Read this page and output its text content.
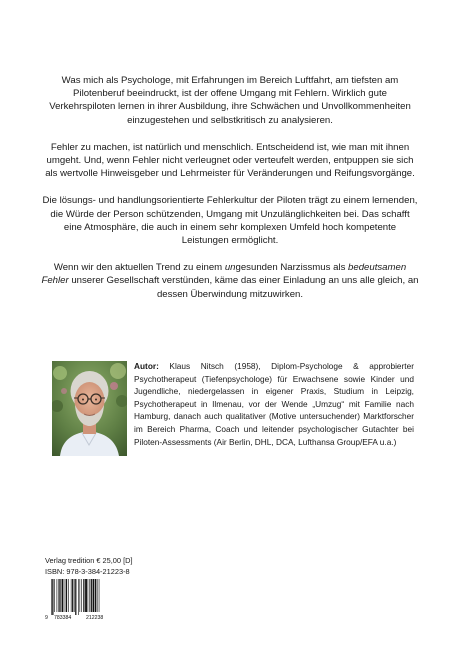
Was mich als Psychologe, mit Erfahrungen im Bereich Luftfahrt, am tiefsten am Pilotenberuf beeindruckt, ist der offene Umgang mit Fehlern. Wirklich gute Verkehrspiloten lernen in ihrer Ausbildung, ihre Schwächen und Unvollkommenheiten einzugestehen und selbstkritisch zu analysieren.

Fehler zu machen, ist natürlich und menschlich. Entscheidend ist, wie man mit ihnen umgeht. Und, wenn Fehler nicht verleugnet oder verteufelt werden, entpuppen sie sich als wertvolle Hinweisgeber und Lehrmeister für Veränderungen und Reifungsvorgänge.

Die lösungs- und handlungsorientierte Fehlerkultur der Piloten trägt zu einem lernenden, die Würde der Person schützenden, Umgang mit Unzulänglichkeiten bei. Das schafft eine Atmosphäre, die auch in einem sehr komplexen Umfeld hoch kompetente Leistungen ermöglicht.

Wenn wir den aktuellen Trend zu einem ungesunden Narzissmus als bedeutsamen Fehler unserer Gesellschaft verstünden, käme das einer Einladung an uns alle gleich, an dessen Überwindung mitzuwirken.

Autor: Klaus Nitsch (1958), Diplom-Psychologe & approbierter Psychotherapeut (Tiefenpsychologe) für Erwachsene sowie Kinder und Jugendliche, niedergelassen in eigener Praxis, Studium in Leipzig, Psychotherapeut in Ilmenau, vor der Wende „Umzug“ mit Familie nach Hamburg, danach auch qualitativer (Motive untersuchender) Marktforscher im Bereich Pharma, Coach und leitender psychologischer Gutachter bei Piloten-Assessments (Air Berlin, DHL, DCA, Lufthansa Group/EFA u.a.)
Verlag tredition € 25,00 [D]
ISBN: 978-3-384-21223-8
9 783384	212238
